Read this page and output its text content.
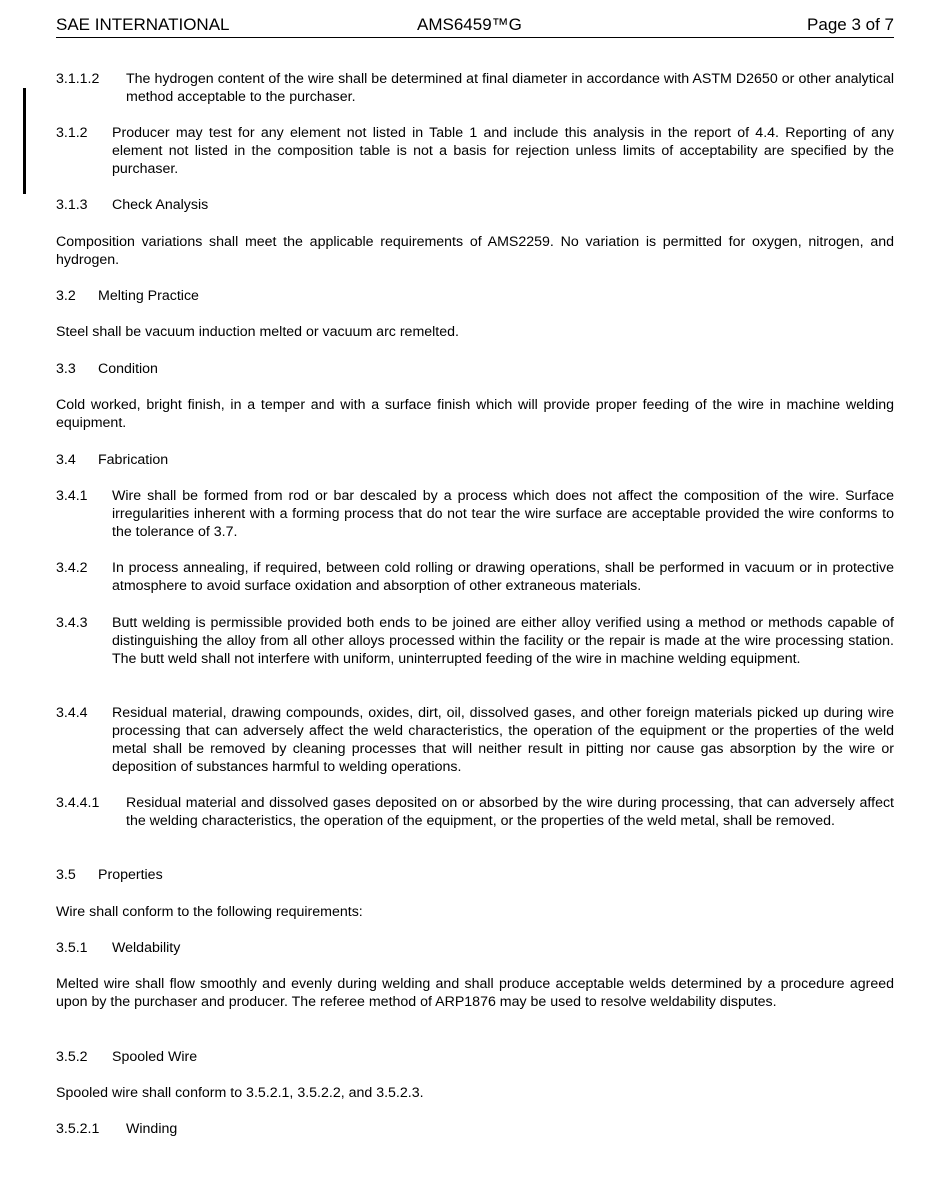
SAE INTERNATIONAL	AMS6459™G	Page 3 of 7
3.1.1.2	The hydrogen content of the wire shall be determined at final diameter in accordance with ASTM D2650 or other analytical method acceptable to the purchaser.
3.1.2	Producer may test for any element not listed in Table 1 and include this analysis in the report of 4.4. Reporting of any element not listed in the composition table is not a basis for rejection unless limits of acceptability are specified by the purchaser.
3.1.3 Check Analysis
Composition variations shall meet the applicable requirements of AMS2259. No variation is permitted for oxygen, nitrogen, and hydrogen.
3.2 Melting Practice
Steel shall be vacuum induction melted or vacuum arc remelted.
3.3 Condition
Cold worked, bright finish, in a temper and with a surface finish which will provide proper feeding of the wire in machine welding equipment.
3.4 Fabrication
3.4.1	Wire shall be formed from rod or bar descaled by a process which does not affect the composition of the wire. Surface irregularities inherent with a forming process that do not tear the wire surface are acceptable provided the wire conforms to the tolerance of 3.7.
3.4.2	In process annealing, if required, between cold rolling or drawing operations, shall be performed in vacuum or in protective atmosphere to avoid surface oxidation and absorption of other extraneous materials.
3.4.3	Butt welding is permissible provided both ends to be joined are either alloy verified using a method or methods capable of distinguishing the alloy from all other alloys processed within the facility or the repair is made at the wire processing station. The butt weld shall not interfere with uniform, uninterrupted feeding of the wire in machine welding equipment.
3.4.4	Residual material, drawing compounds, oxides, dirt, oil, dissolved gases, and other foreign materials picked up during wire processing that can adversely affect the weld characteristics, the operation of the equipment or the properties of the weld metal shall be removed by cleaning processes that will neither result in pitting nor cause gas absorption by the wire or deposition of substances harmful to welding operations.
3.4.4.1	Residual material and dissolved gases deposited on or absorbed by the wire during processing, that can adversely affect the welding characteristics, the operation of the equipment, or the properties of the weld metal, shall be removed.
3.5 Properties
Wire shall conform to the following requirements:
3.5.1 Weldability
Melted wire shall flow smoothly and evenly during welding and shall produce acceptable welds determined by a procedure agreed upon by the purchaser and producer. The referee method of ARP1876 may be used to resolve weldability disputes.
3.5.2 Spooled Wire
Spooled wire shall conform to 3.5.2.1, 3.5.2.2, and 3.5.2.3.
3.5.2.1 Winding
